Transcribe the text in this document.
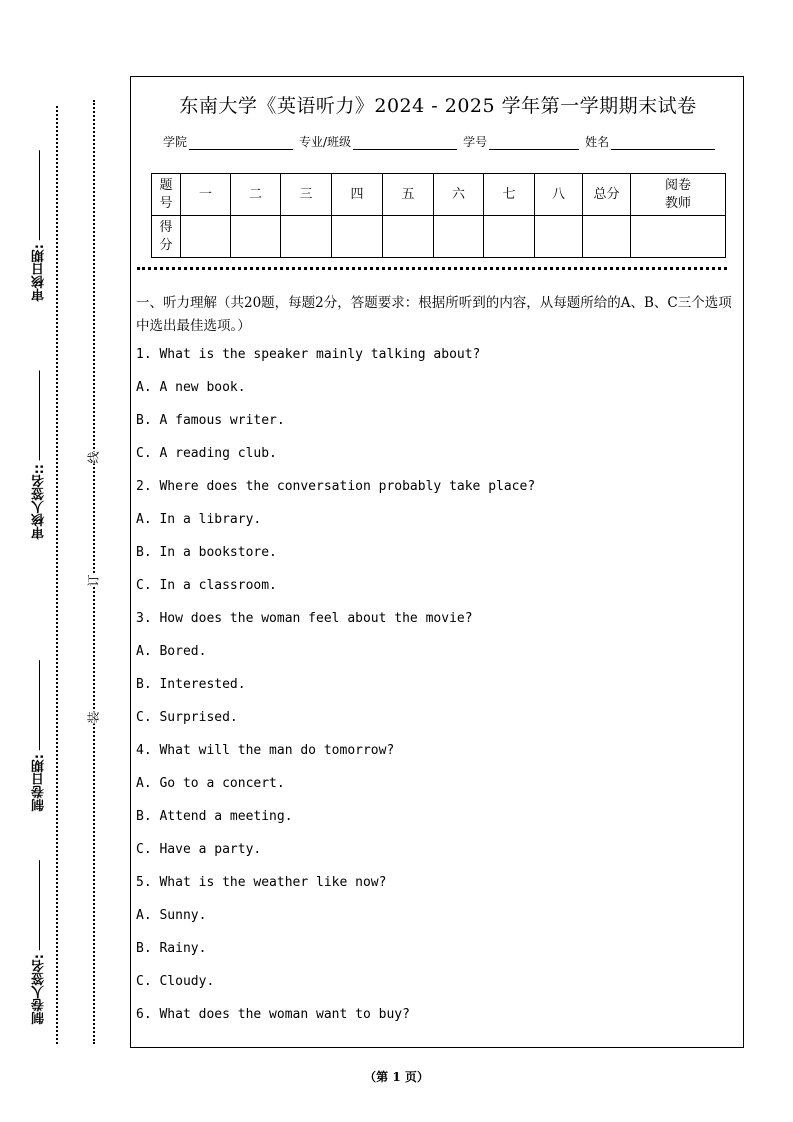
审核日期:
审核人签名::
制卷日期:
制卷人签名:
线
订
装
东南大学《英语听力》2024 - 2025 学年第一学期期末试卷
学院	专业/班级	学号	姓名
题号	一	二	三	四	五	六	七	八	总分	阅卷教师

得分										

一、听力理解（共20题，每题2分，答题要求：根据所听到的内容，从每题所给的A、B、C三个选项中选出最佳选项。）
1. What is the speaker mainly talking about?
A. A new book.
B. A famous writer.
C. A reading club.
2. Where does the conversation probably take place?
A. In a library.
B. In a bookstore.
C. In a classroom.
3. How does the woman feel about the movie?
A. Bored.
B. Interested.
C. Surprised.
4. What will the man do tomorrow?
A. Go to a concert.
B. Attend a meeting.
C. Have a party.
5. What is the weather like now?
A. Sunny.
B. Rainy.
C. Cloudy.
6. What does the woman want to buy?
（第 1 页）
